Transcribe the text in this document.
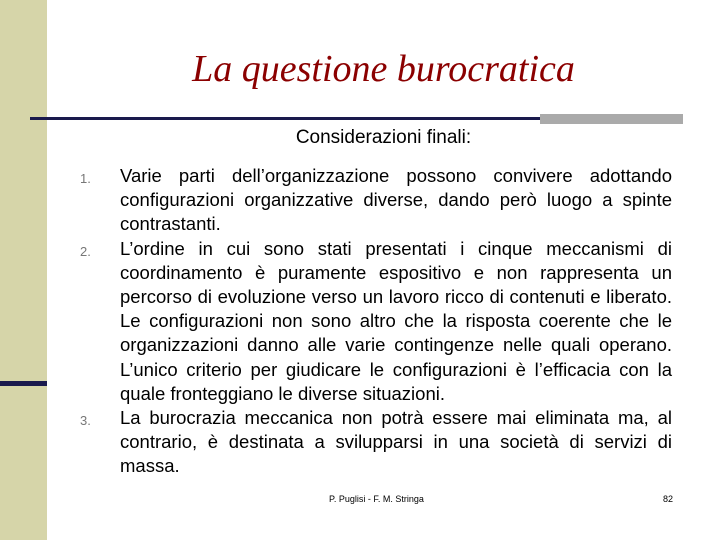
La questione burocratica
Considerazioni finali:
1. Varie parti dell’organizzazione possono convivere adottando configurazioni organizzative diverse, dando però luogo a spinte contrastanti.
2. L’ordine in cui sono stati presentati i cinque meccanismi di coordinamento è puramente espositivo e non rappresenta un percorso di evoluzione verso un lavoro ricco di contenuti e liberato. Le configurazioni non sono altro che la risposta coerente che le organizzazioni danno alle varie contingenze nelle quali operano. L’unico criterio per giudicare le configurazioni è l’efficacia con la quale fronteggiano le diverse situazioni.
3. La burocrazia meccanica non potrà essere mai eliminata ma, al contrario, è destinata a svilupparsi in una società di servizi di massa.
P. Puglisi - F. M. Stringa	82
